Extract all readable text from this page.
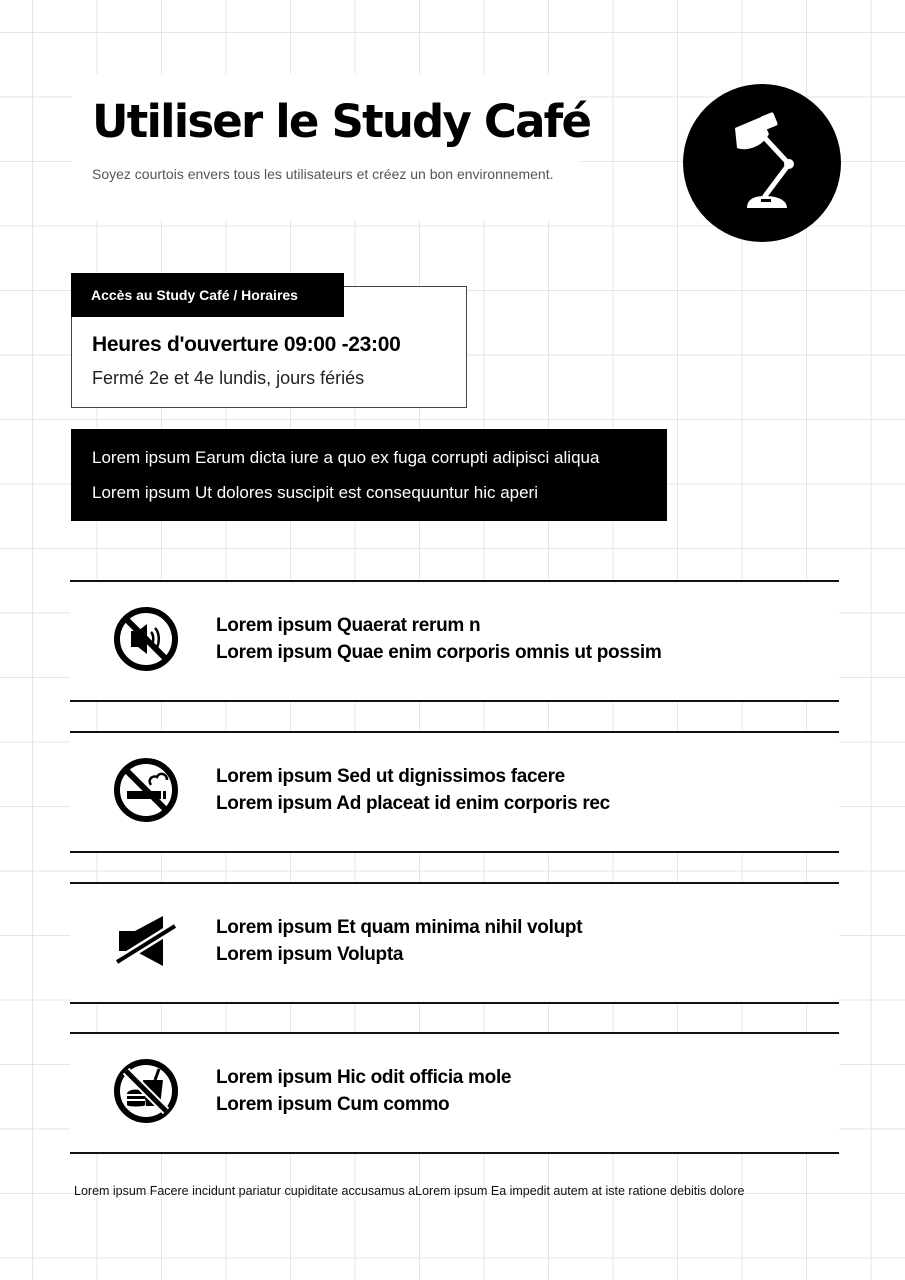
Utiliser le Study Café
Soyez courtois envers tous les utilisateurs et créez un bon environnement.
Accès au Study Café / Horaires
Heures d'ouverture 09:00 -23:00
Fermé 2e et 4e lundis, jours fériés
Lorem ipsum Earum dicta iure a quo ex fuga corrupti adipisci aliqua
Lorem ipsum Ut dolores suscipit est consequuntur hic aperi
Lorem ipsum Quaerat rerum n
Lorem ipsum Quae enim corporis omnis ut possim
Lorem ipsum Sed ut dignissimos facere
Lorem ipsum Ad placeat id enim corporis rec
Lorem ipsum Et quam minima nihil volupt
Lorem ipsum Volupta
Lorem ipsum Hic odit officia mole
Lorem ipsum Cum commo
Lorem ipsum Facere incidunt pariatur cupiditate accusamus aLorem ipsum Ea impedit autem at iste ratione debitis dolore
